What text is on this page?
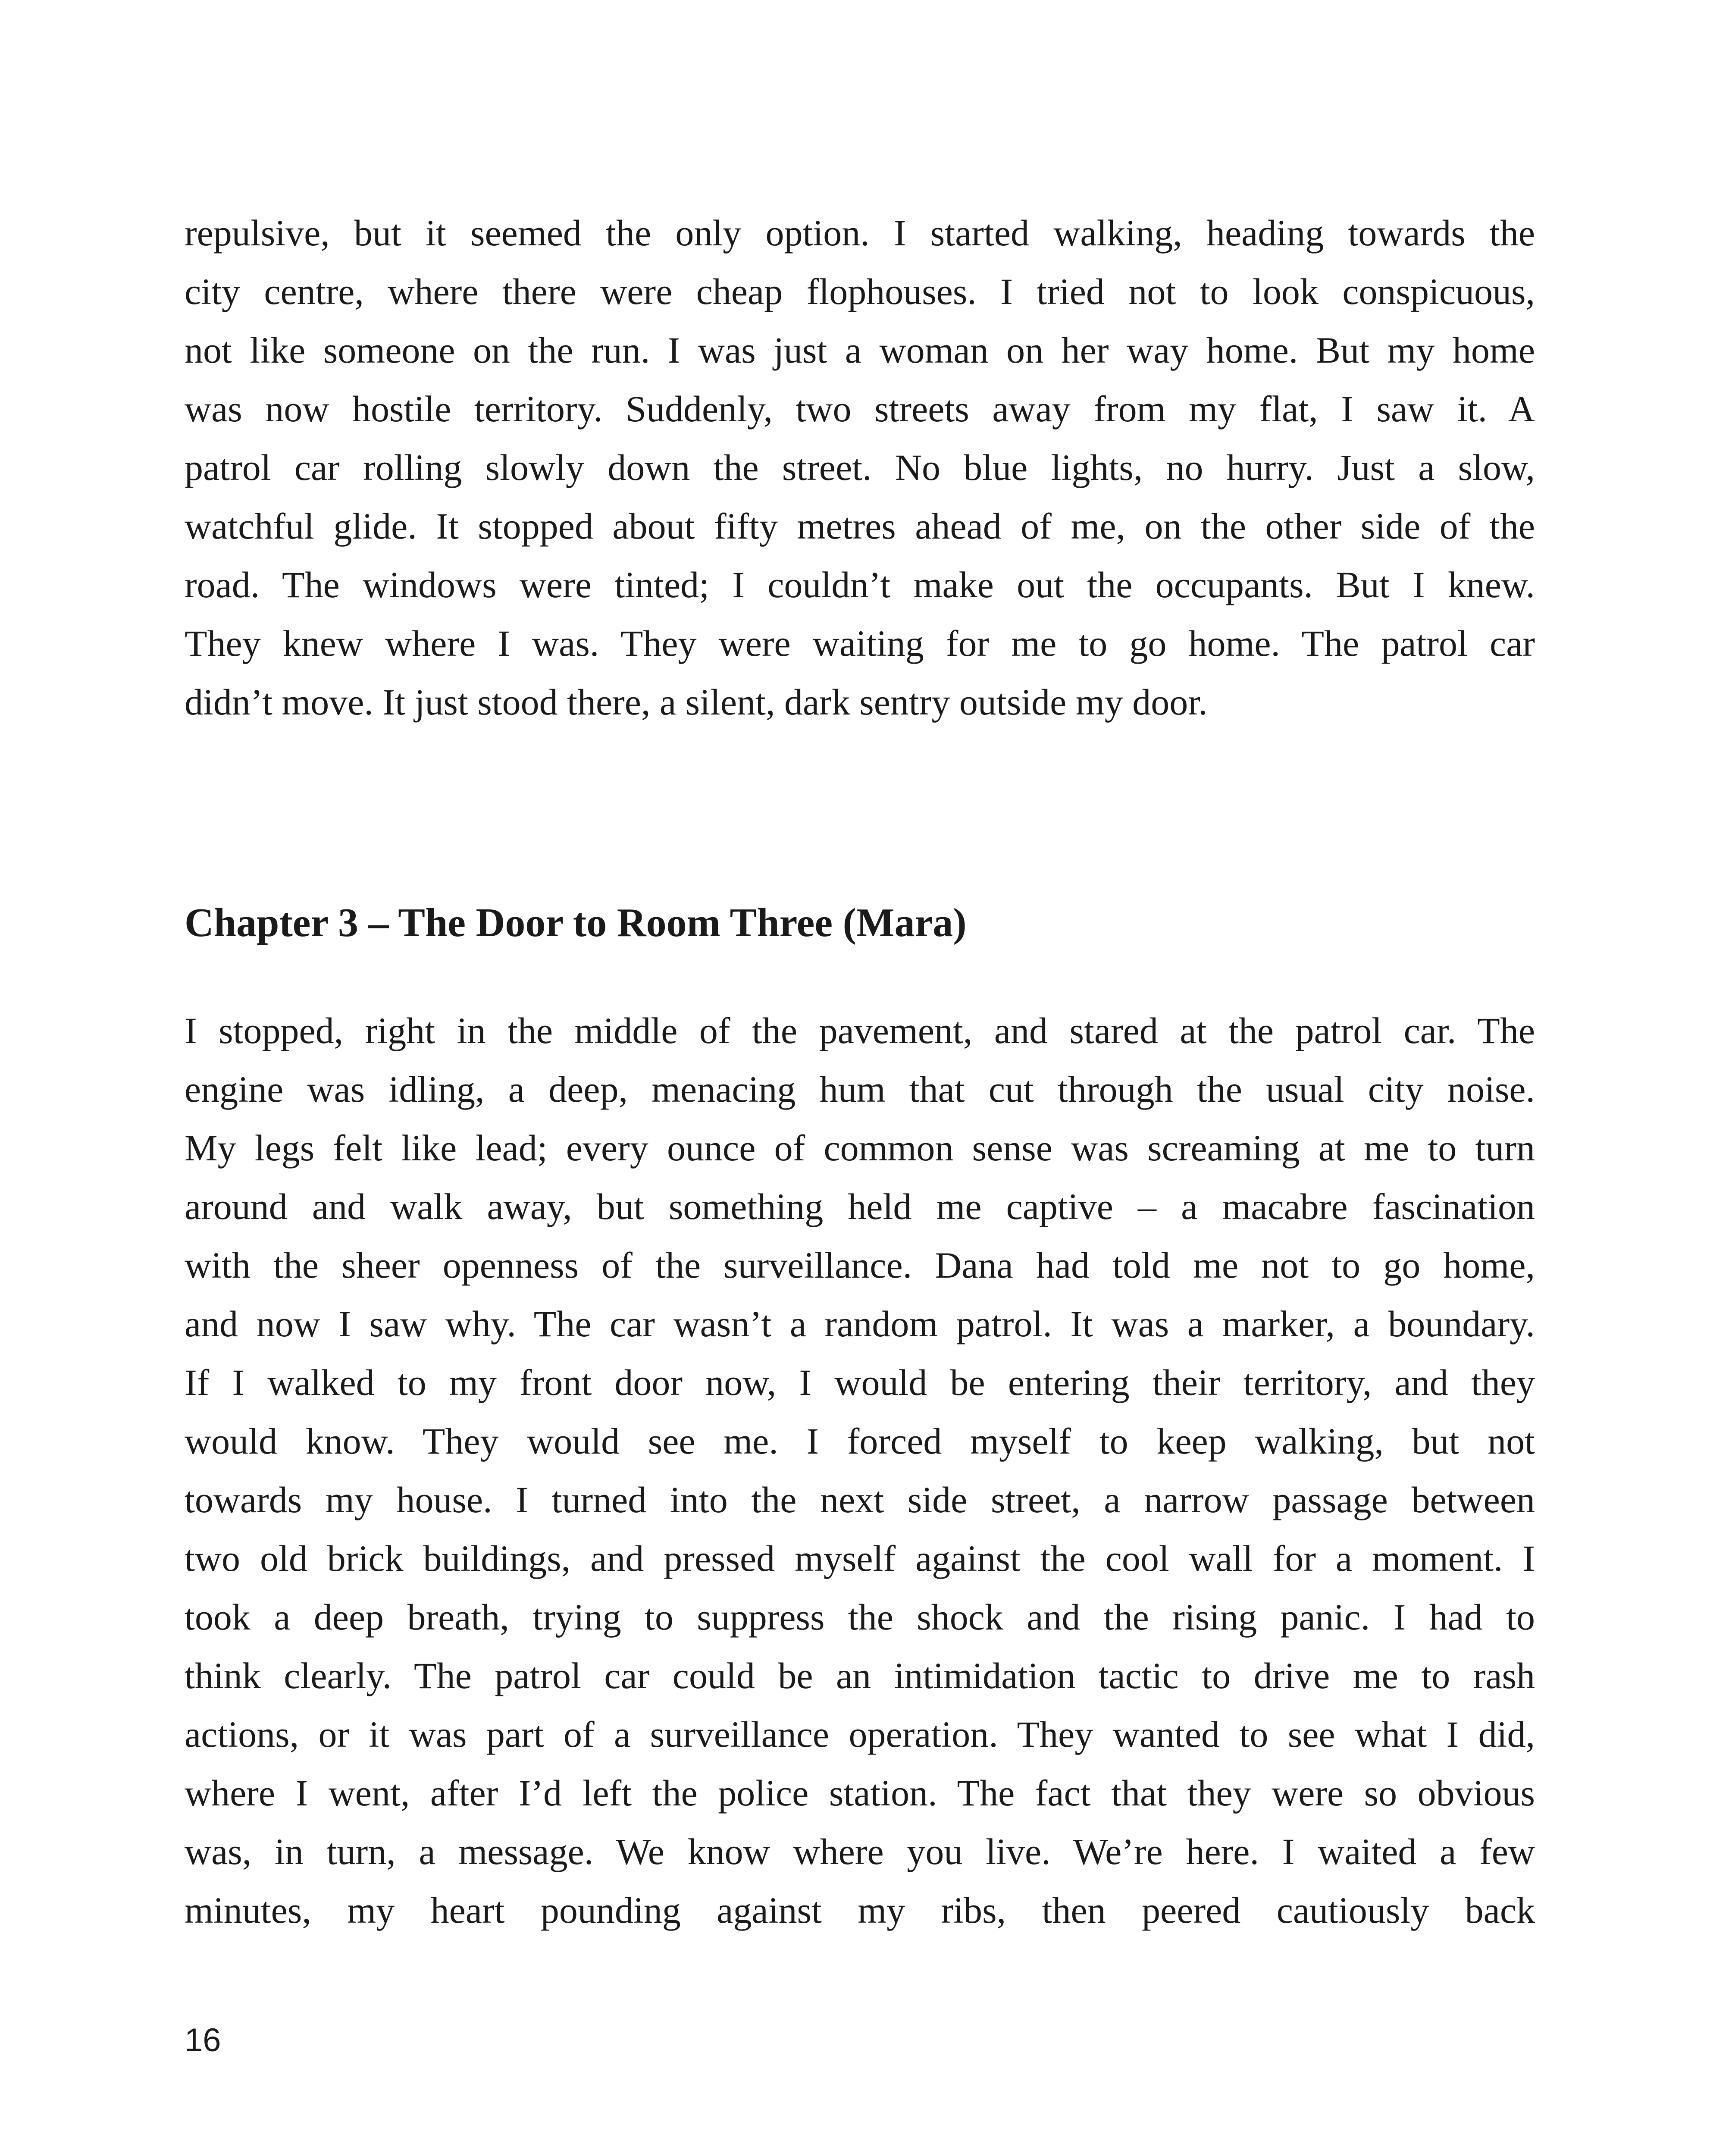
repulsive, but it seemed the only option. I started walking, heading towards the
city centre, where there were cheap flophouses. I tried not to look conspicuous,
not like someone on the run. I was just a woman on her way home. But my home
was now hostile territory. Suddenly, two streets away from my flat, I saw it. A
patrol car rolling slowly down the street. No blue lights, no hurry. Just a slow,
watchful glide. It stopped about fifty metres ahead of me, on the other side of the
road. The windows were tinted; I couldn’t make out the occupants. But I knew.
They knew where I was. They were waiting for me to go home. The patrol car
didn’t move. It just stood there, a silent, dark sentry outside my door.
Chapter 3 – The Door to Room Three (Mara)
I stopped, right in the middle of the pavement, and stared at the patrol car. The
engine was idling, a deep, menacing hum that cut through the usual city noise.
My legs felt like lead; every ounce of common sense was screaming at me to turn
around and walk away, but something held me captive – a macabre fascination
with the sheer openness of the surveillance. Dana had told me not to go home,
and now I saw why. The car wasn’t a random patrol. It was a marker, a boundary.
If I walked to my front door now, I would be entering their territory, and they
would know. They would see me. I forced myself to keep walking, but not
towards my house. I turned into the next side street, a narrow passage between
two old brick buildings, and pressed myself against the cool wall for a moment. I
took a deep breath, trying to suppress the shock and the rising panic. I had to
think clearly. The patrol car could be an intimidation tactic to drive me to rash
actions, or it was part of a surveillance operation. They wanted to see what I did,
where I went, after I’d left the police station. The fact that they were so obvious
was, in turn, a message. We know where you live. We’re here. I waited a few
minutes, my heart pounding against my ribs, then peered cautiously back
16
